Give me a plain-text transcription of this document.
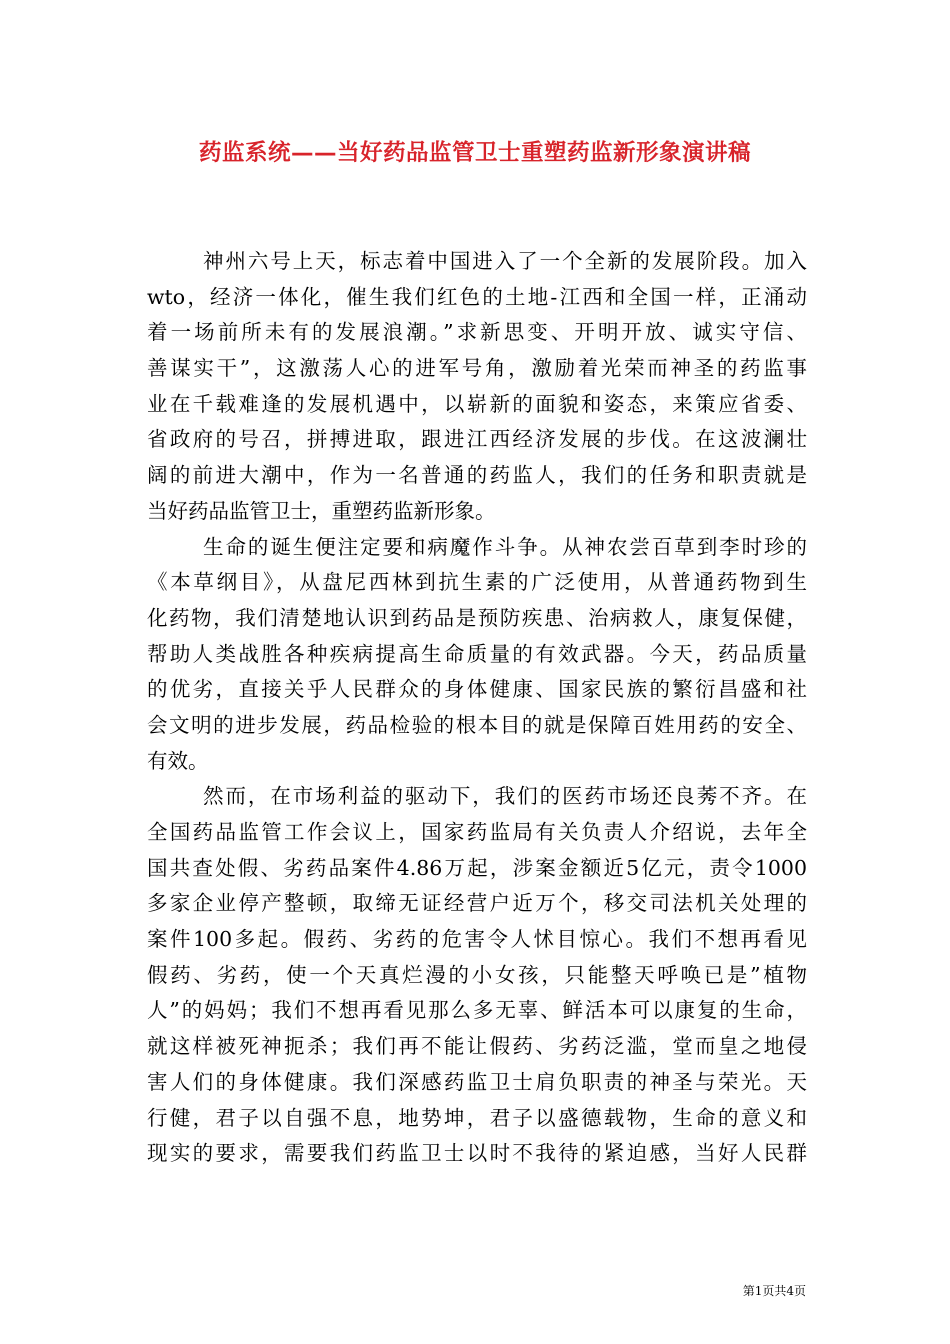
药监系统——当好药品监管卫士重塑药监新形象演讲稿
神州六号上天，标志着中国进入了一个全新的发展阶段。加入
wto，经济一体化，催生我们红色的土地-江西和全国一样，正涌动
着一场前所未有的发展浪潮。”求新思变、开明开放、诚实守信、
善谋实干”，这激荡人心的进军号角，激励着光荣而神圣的药监事
业在千载难逢的发展机遇中，以崭新的面貌和姿态，来策应省委、
省政府的号召，拼搏进取，跟进江西经济发展的步伐。在这波澜壮
阔的前进大潮中，作为一名普通的药监人，我们的任务和职责就是
当好药品监管卫士，重塑药监新形象。
生命的诞生便注定要和病魔作斗争。从神农尝百草到李时珍的
《本草纲目》，从盘尼西林到抗生素的广泛使用，从普通药物到生
化药物，我们清楚地认识到药品是预防疾患、治病救人，康复保健，
帮助人类战胜各种疾病提高生命质量的有效武器。今天，药品质量
的优劣，直接关乎人民群众的身体健康、国家民族的繁衍昌盛和社
会文明的进步发展，药品检验的根本目的就是保障百姓用药的安全、
有效。
然而，在市场利益的驱动下，我们的医药市场还良莠不齐。在
全国药品监管工作会议上，国家药监局有关负责人介绍说，去年全
国共查处假、劣药品案件4.86万起，涉案金额近5亿元，责令1000
多家企业停产整顿，取缔无证经营户近万个，移交司法机关处理的
案件100多起。假药、劣药的危害令人怵目惊心。我们不想再看见
假药、劣药，使一个天真烂漫的小女孩，只能整天呼唤已是”植物
人”的妈妈；我们不想再看见那么多无辜、鲜活本可以康复的生命，
就这样被死神扼杀；我们再不能让假药、劣药泛滥，堂而皇之地侵
害人们的身体健康。我们深感药监卫士肩负职责的神圣与荣光。天
行健，君子以自强不息，地势坤，君子以盛德载物，生命的意义和
现实的要求，需要我们药监卫士以时不我待的紧迫感，当好人民群
第1页共4页
